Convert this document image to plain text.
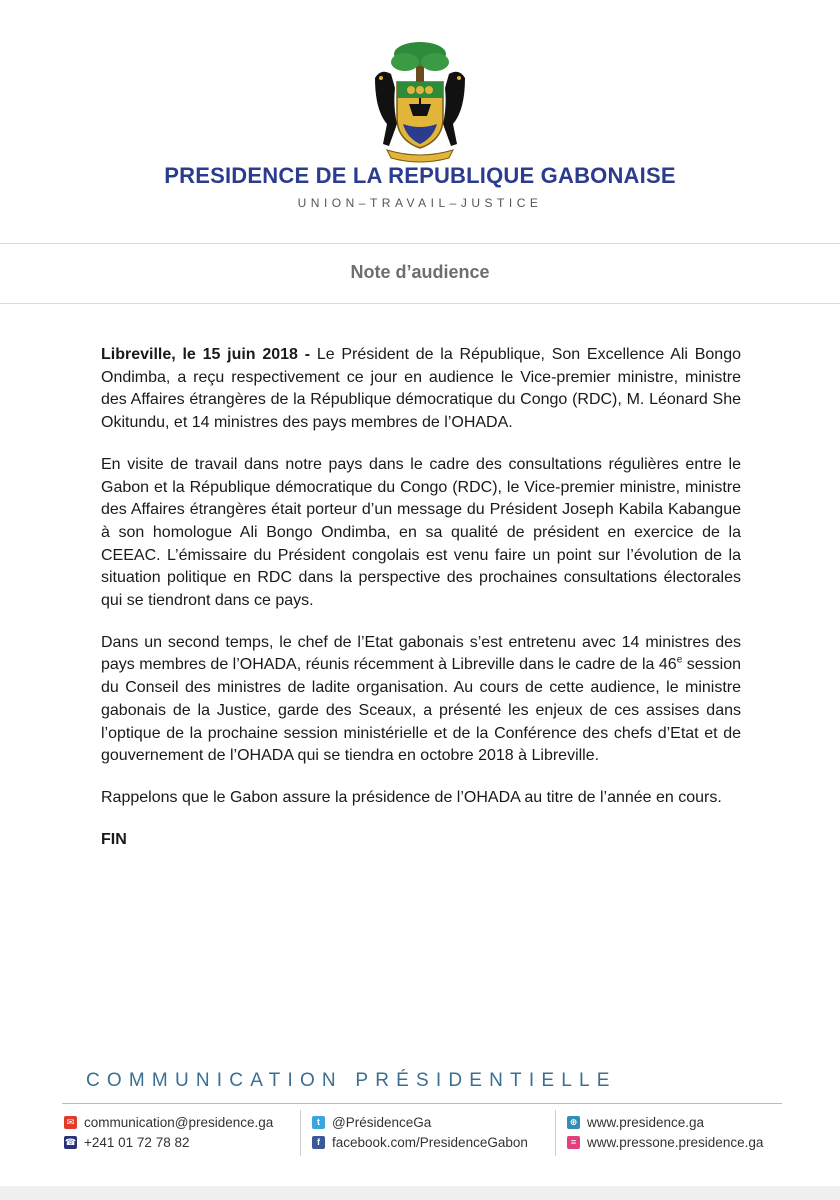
PRESIDENCE DE LA REPUBLIQUE GABONAISE
UNION–TRAVAIL–JUSTICE
Note d’audience

Libreville, le 15 juin 2018 - Le Président de la République, Son Excellence Ali Bongo Ondimba, a reçu respectivement ce jour en audience le Vice-premier ministre, ministre des Affaires étrangères de la République démocratique du Congo (RDC), M. Léonard She Okitundu, et 14 ministres des pays membres de l’OHADA.

En visite de travail dans notre pays dans le cadre des consultations régulières entre le Gabon et la République démocratique du Congo (RDC), le Vice-premier ministre, ministre des Affaires étrangères était porteur d’un message du Président Joseph Kabila Kabangue à son homologue Ali Bongo Ondimba, en sa qualité de président en exercice de la CEEAC. L’émissaire du Président congolais est venu faire un point sur l’évolution de la situation politique en RDC dans la perspective des prochaines consultations électorales qui se tiendront dans ce pays.

Dans un second temps, le chef de l’Etat gabonais s’est entretenu avec 14 ministres des pays membres de l’OHADA, réunis récemment à Libreville dans le cadre de la 46e session du Conseil des ministres de ladite organisation. Au cours de cette audience, le ministre gabonais de la Justice, garde des Sceaux, a présenté les enjeux de ces assises dans l’optique de la prochaine session ministérielle et de la Conférence des chefs d’Etat et de gouvernement de l’OHADA qui se tiendra en octobre 2018 à Libreville.

Rappelons que le Gabon assure la présidence de l’OHADA au titre de l’année en cours.

FIN
COMMUNICATION PRÉSIDENTIELLE
✉ communication@presidence.ga
☎ +241 01 72 78 82
t @PrésidenceGa
f facebook.com/PresidenceGabon
⊕ www.presidence.ga
≡ www.pressone.presidence.ga
